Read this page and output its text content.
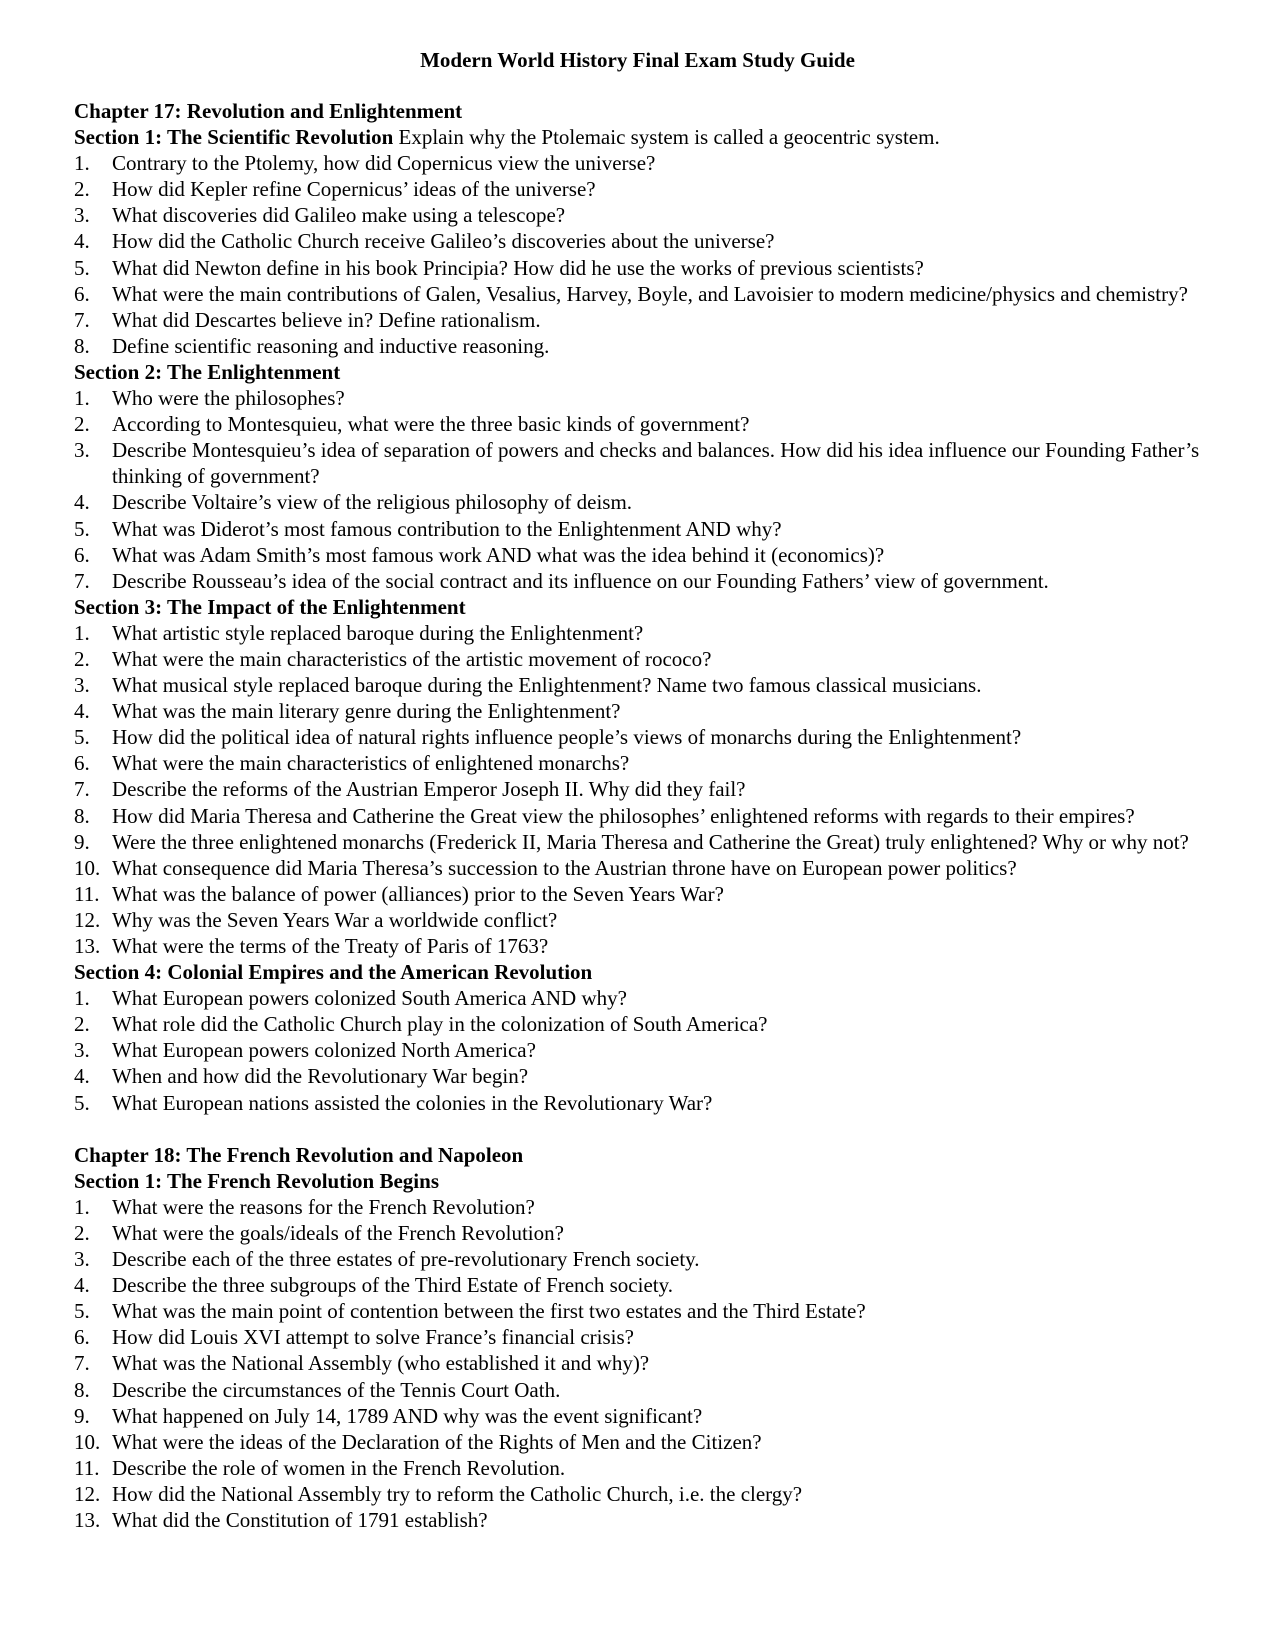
Modern World History Final Exam Study Guide
Chapter 17: Revolution and Enlightenment
Section 1: The Scientific Revolution Explain why the Ptolemaic system is called a geocentric system.
1.	Contrary to the Ptolemy, how did Copernicus view the universe?
2.	How did Kepler refine Copernicus’ ideas of the universe?
3.	What discoveries did Galileo make using a telescope?
4.	How did the Catholic Church receive Galileo’s discoveries about the universe?
5.	What did Newton define in his book Principia? How did he use the works of previous scientists?
6.	What were the main contributions of Galen, Vesalius, Harvey, Boyle, and Lavoisier to modern medicine/physics and chemistry?
7.	What did Descartes believe in? Define rationalism.
8.	Define scientific reasoning and inductive reasoning.
Section 2: The Enlightenment
1.	Who were the philosophes?
2.	According to Montesquieu, what were the three basic kinds of government?
3.	Describe Montesquieu’s idea of separation of powers and checks and balances. How did his idea influence our Founding Father’s thinking of government?
4.	Describe Voltaire’s view of the religious philosophy of deism.
5.	What was Diderot’s most famous contribution to the Enlightenment AND why?
6.	What was Adam Smith’s most famous work AND what was the idea behind it (economics)?
7.	Describe Rousseau’s idea of the social contract and its influence on our Founding Fathers’ view of government.
Section 3: The Impact of the Enlightenment
1.	What artistic style replaced baroque during the Enlightenment?
2.	What were the main characteristics of the artistic movement of rococo?
3.	What musical style replaced baroque during the Enlightenment? Name two famous classical musicians.
4.	What was the main literary genre during the Enlightenment?
5.	How did the political idea of natural rights influence people’s views of monarchs during the Enlightenment?
6.	What were the main characteristics of enlightened monarchs?
7.	Describe the reforms of the Austrian Emperor Joseph II. Why did they fail?
8.	How did Maria Theresa and Catherine the Great view the philosophes’ enlightened reforms with regards to their empires?
9.	Were the three enlightened monarchs (Frederick II, Maria Theresa and Catherine the Great) truly enlightened? Why or why not?
10. What consequence did Maria Theresa’s succession to the Austrian throne have on European power politics?
11. What was the balance of power (alliances) prior to the Seven Years War?
12. Why was the Seven Years War a worldwide conflict?
13. What were the terms of the Treaty of Paris of 1763?
Section 4: Colonial Empires and the American Revolution
1.	What European powers colonized South America AND why?
2.	What role did the Catholic Church play in the colonization of South America?
3.	What European powers colonized North America?
4.	When and how did the Revolutionary War begin?
5.	What European nations assisted the colonies in the Revolutionary War?
Chapter 18: The French Revolution and Napoleon
Section 1: The French Revolution Begins
1.	What were the reasons for the French Revolution?
2.	What were the goals/ideals of the French Revolution?
3.	Describe each of the three estates of pre-revolutionary French society.
4.	Describe the three subgroups of the Third Estate of French society.
5.	What was the main point of contention between the first two estates and the Third Estate?
6.	How did Louis XVI attempt to solve France’s financial crisis?
7.	What was the National Assembly (who established it and why)?
8.	Describe the circumstances of the Tennis Court Oath.
9.	What happened on July 14, 1789 AND why was the event significant?
10. What were the ideas of the Declaration of the Rights of Men and the Citizen?
11. Describe the role of women in the French Revolution.
12. How did the National Assembly try to reform the Catholic Church, i.e. the clergy?
13. What did the Constitution of 1791 establish?
